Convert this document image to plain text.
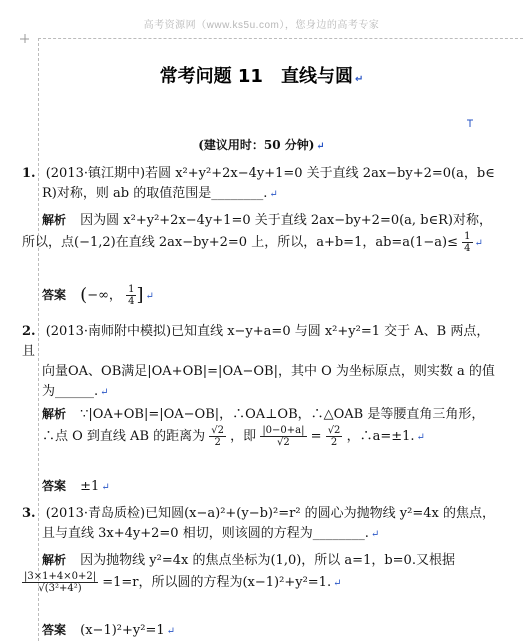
高考资源网（www.ks5u.com），您身边的高考专家
常考问题 11　直线与圆 ↵
(建议用时：50 分钟) ↵
1. (2013·镇江期中)若圆 x²+y²+2x−4y+1=0 关于直线 2ax−by+2=0(a，b∈
R)对称，则 ab 的取值范围是________. ↵
解析 因为圆 x²+y²+2x−4y+1=0 关于直线 2ax−by+2=0(a, b∈R)对称，
所以，点(−1,2)在直线 2ax−by+2=0 上，所以，a+b=1，$ab=a(1-a)\le \frac{1}{4}$ ↵
答案 (−∞， $\frac{1}{4}$ ] ↵
2. (2013·南师附中模拟)已知直线 x−y+a=0 与圆 x²+y²=1 交于 A、B 两点，且
向量OA、OB满足|OA+OB|=|OA−OB|，其中 O 为坐标原点，则实数 a 的值
为______. ↵
解析 ∵|OA+OB|=|OA−OB|，∴OA⊥OB，∴△OAB 是等腰直角三角形，
∴点 O 到直线 AB 的距离为 $\frac{√2}{2}$ ，即 $\frac{|0-0+a|}{√2} = \frac{√2}{2}$ ，∴a=±1. ↵
答案 ±1 ↵
3. (2013·青岛质检)已知圆(x−a)²+(y−b)²=r² 的圆心为抛物线 y²=4x 的焦点，
且与直线 3x+4y+2=0 相切，则该圆的方程为________. ↵
解析 因为抛物线 y²=4x 的焦点坐标为(1,0)，所以 a=1，b=0.又根据

$\frac{|3\times 1+4\times 0+2|}{\text{√(3²+4²)}} =1=r$，所以圆的方程为(x−1)²+y²=1. ↵
答案 (x−1)²+y²=1 ↵
